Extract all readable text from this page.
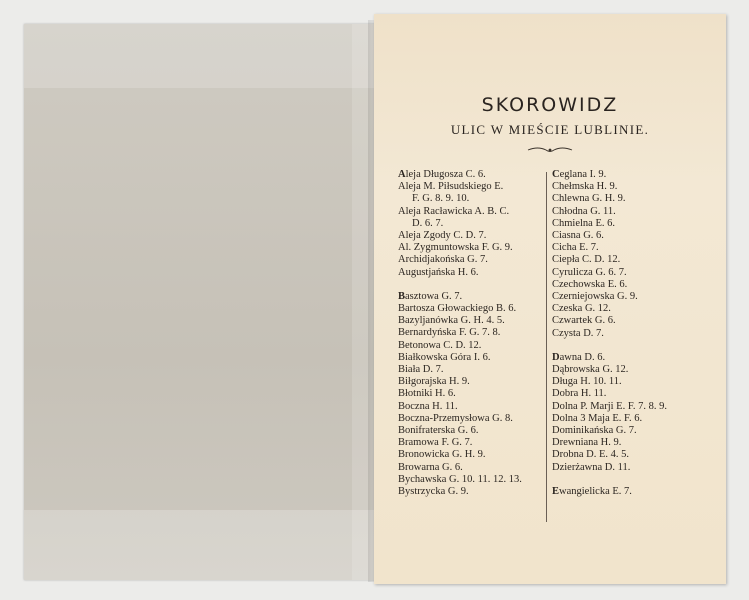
SKOROWIDZ
ULIC W MIEŚCIE LUBLINIE.
Aleja Długosza C. 6.
Aleja M. Piłsudskiego E.
F. G. 8. 9. 10.
Aleja Racławicka A. B. C.
D. 6. 7.
Aleja Zgody C. D. 7.
Al. Zygmuntowska F. G. 9.
Archidjakońska G. 7.
Augustjańska H. 6.
Basztowa G. 7.
Bartosza Głowackiego B. 6.
Bazyljanówka G. H. 4. 5.
Bernardyńska F. G. 7. 8.
Betonowa C. D. 12.
Białkowska Góra I. 6.
Biała D. 7.
Biłgorajska H. 9.
Błotniki H. 6.
Boczna H. 11.
Boczna-Przemysłowa G. 8.
Bonifraterska G. 6.
Bramowa F. G. 7.
Bronowicka G. H. 9.
Browarna G. 6.
Bychawska G. 10. 11. 12. 13.
Bystrzycka G. 9.
Ceglana I. 9.
Chełmska H. 9.
Chlewna G. H. 9.
Chłodna G. 11.
Chmielna E. 6.
Ciasna G. 6.
Cicha E. 7.
Ciepła C. D. 12.
Cyrulicza G. 6. 7.
Czechowska E. 6.
Czerniejowska G. 9.
Czeska G. 12.
Czwartek G. 6.
Czysta D. 7.
Dawna D. 6.
Dąbrowska G. 12.
Długa H. 10. 11.
Dobra H. 11.
Dolna P. Marji E. F. 7. 8. 9.
Dolna 3 Maja E. F. 6.
Dominikańska G. 7.
Drewniana H. 9.
Drobna D. E. 4. 5.
Dzierżawna D. 11.
Ewangielicka E. 7.
